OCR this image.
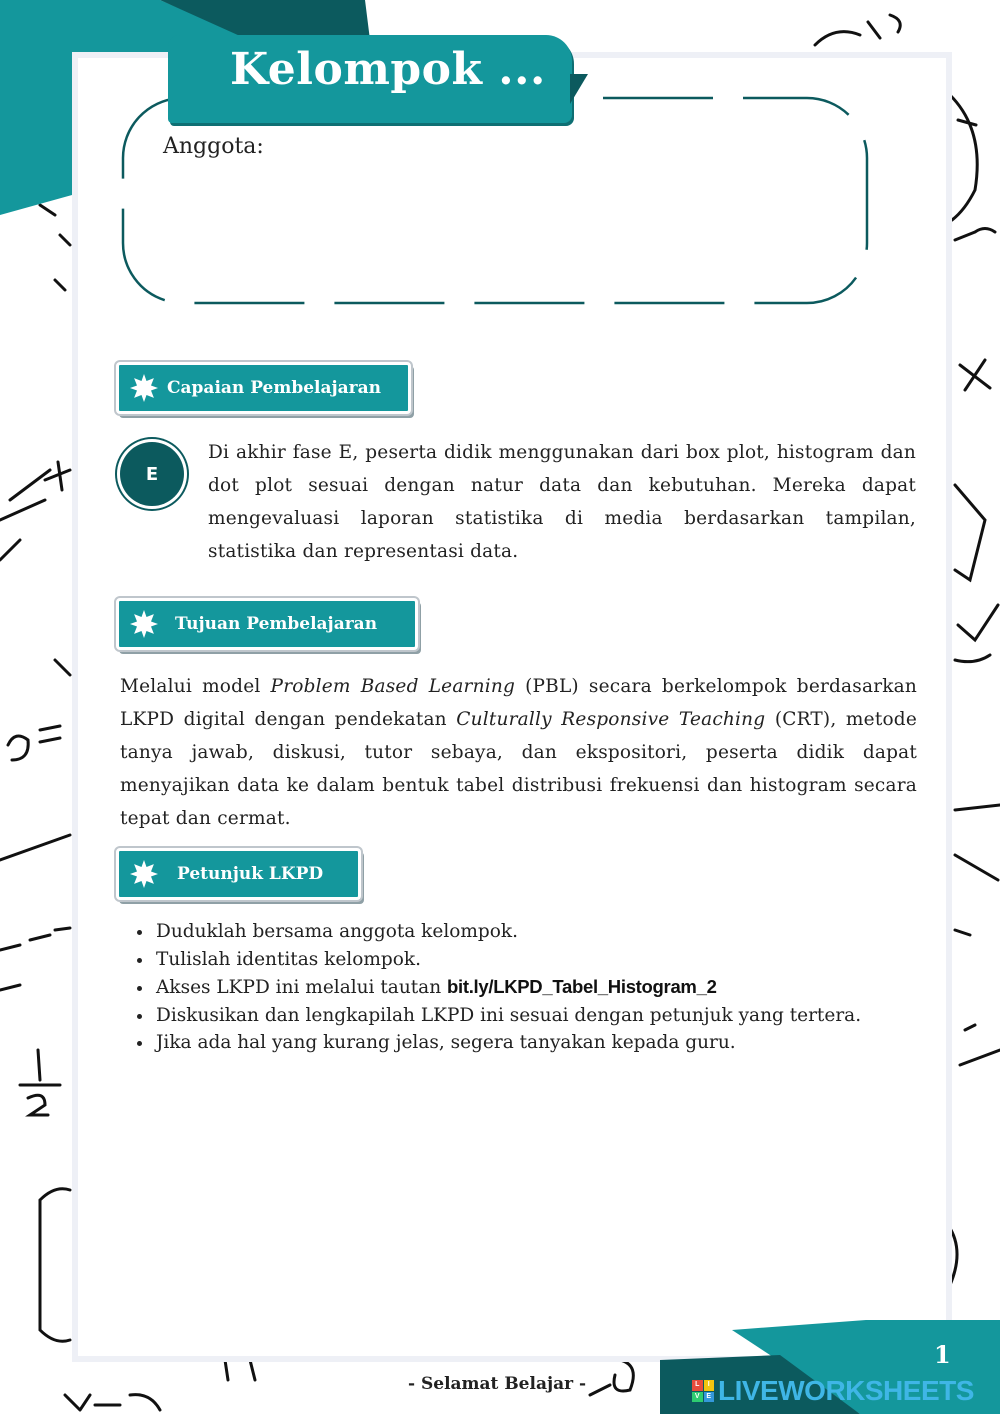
Kelompok ...
Anggota:
Capaian Pembelajaran
E
Di akhir fase E, peserta didik menggunakan dari box plot, histogram dan dot plot sesuai dengan natur data dan kebutuhan. Mereka dapat mengevaluasi laporan statistika di media berdasarkan tampilan, statistika dan representasi data.
Tujuan Pembelajaran
Melalui model Problem Based Learning (PBL) secara berkelompok berdasarkan LKPD digital dengan pendekatan Culturally Responsive Teaching (CRT), metode tanya jawab, diskusi, tutor sebaya, dan ekspositori, peserta didik dapat menyajikan data ke dalam bentuk tabel distribusi frekuensi dan histogram secara tepat dan cermat.
Petunjuk LKPD
• Duduklah bersama anggota kelompok.
• Tulislah identitas kelompok.
• Akses LKPD ini melalui tautan bit.ly/LKPD_Tabel_Histogram_2
• Diskusikan dan lengkapilah LKPD ini sesuai dengan petunjuk yang tertera.
• Jika ada hal yang kurang jelas, segera tanyakan kepada guru.
1
- Selamat Belajar -	L	I
V E LIVEWORKSHEETS
